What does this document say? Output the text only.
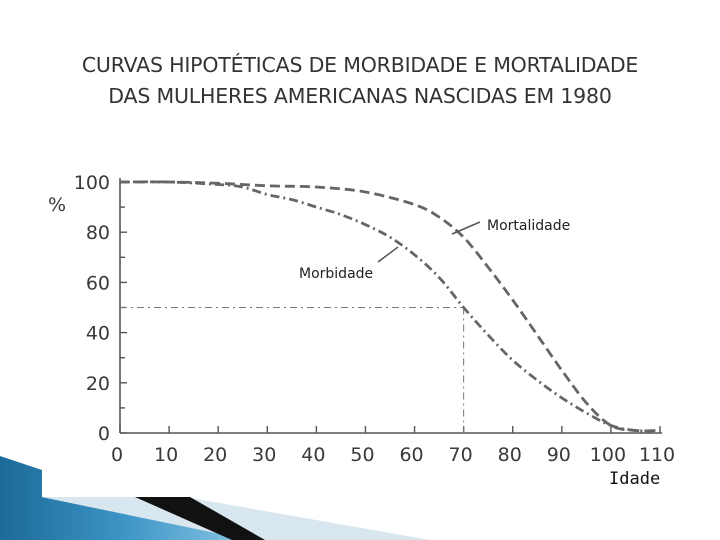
CURVAS HIPOTÉTICAS DE MORBIDADE E MORTALIDADE
DAS MULHERES AMERICANAS NASCIDAS EM 1980
100
80
60
40
20
0
0 10 20 30 40 50 60 70 80 90 100 110
Mortalidade
Morbidade
%
Idade
